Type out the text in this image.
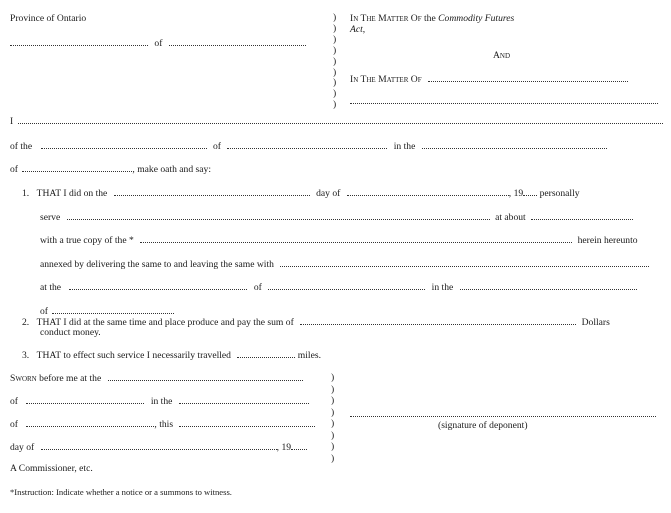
Province of Ontario
of
)
)
)
)
)
)
)
)
)
In The Matter Of the Commodity Futures
Act,
And
In The Matter Of
I
of the	of	in the
of	, make oath and say:
1. THAT I did on the	day of	, 19 personally
serve	at about
with a true copy of the *	herein hereunto
annexed by delivering the same to and leaving the same with
at the	of	in the
of
2. THAT I did at the same time and place produce and pay the sum of	Dollars
conduct money.
3. THAT to effect such service I necessarily travelled	miles.
Sworn before me at the
of	in the
of	, this
day of	, 19
)
)
)
)
)
)
)
)
(signature of deponent)
A Commissioner, etc.
*Instruction: Indicate whether a notice or a summons to witness.
